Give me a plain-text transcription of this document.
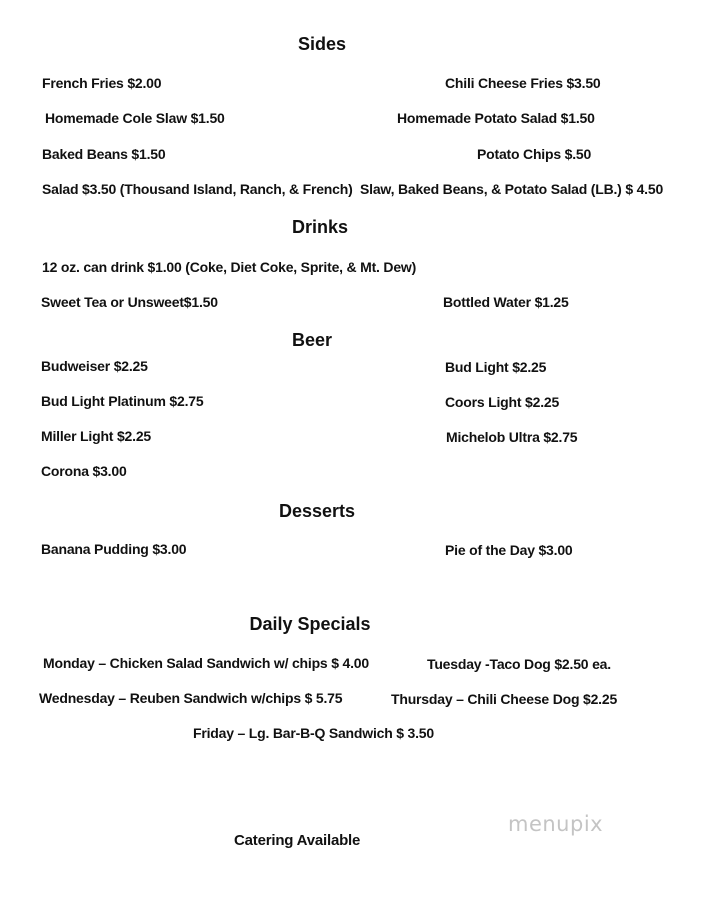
Sides
French Fries $2.00	Chili Cheese Fries $3.50
Homemade Cole Slaw $1.50	Homemade Potato Salad $1.50
Baked Beans $1.50	Potato Chips $.50
Salad $3.50 (Thousand Island, Ranch, & French) Slaw, Baked Beans, & Potato Salad (LB.) $ 4.50
Drinks
12 oz. can drink $1.00 (Coke, Diet Coke, Sprite, & Mt. Dew)
Sweet Tea or Unsweet$1.50	Bottled Water $1.25
Beer
Budweiser $2.25	Bud Light $2.25
Bud Light Platinum $2.75	Coors Light $2.25
Miller Light $2.25	Michelob Ultra $2.75
Corona $3.00
Desserts
Banana Pudding $3.00	Pie of the Day $3.00
Daily Specials
Monday – Chicken Salad Sandwich w/ chips $ 4.00	Tuesday -Taco Dog $2.50 ea.
Wednesday – Reuben Sandwich w/chips $ 5.75	Thursday – Chili Cheese Dog $2.25
Friday – Lg. Bar-B-Q Sandwich $ 3.50
menupix
Catering Available
